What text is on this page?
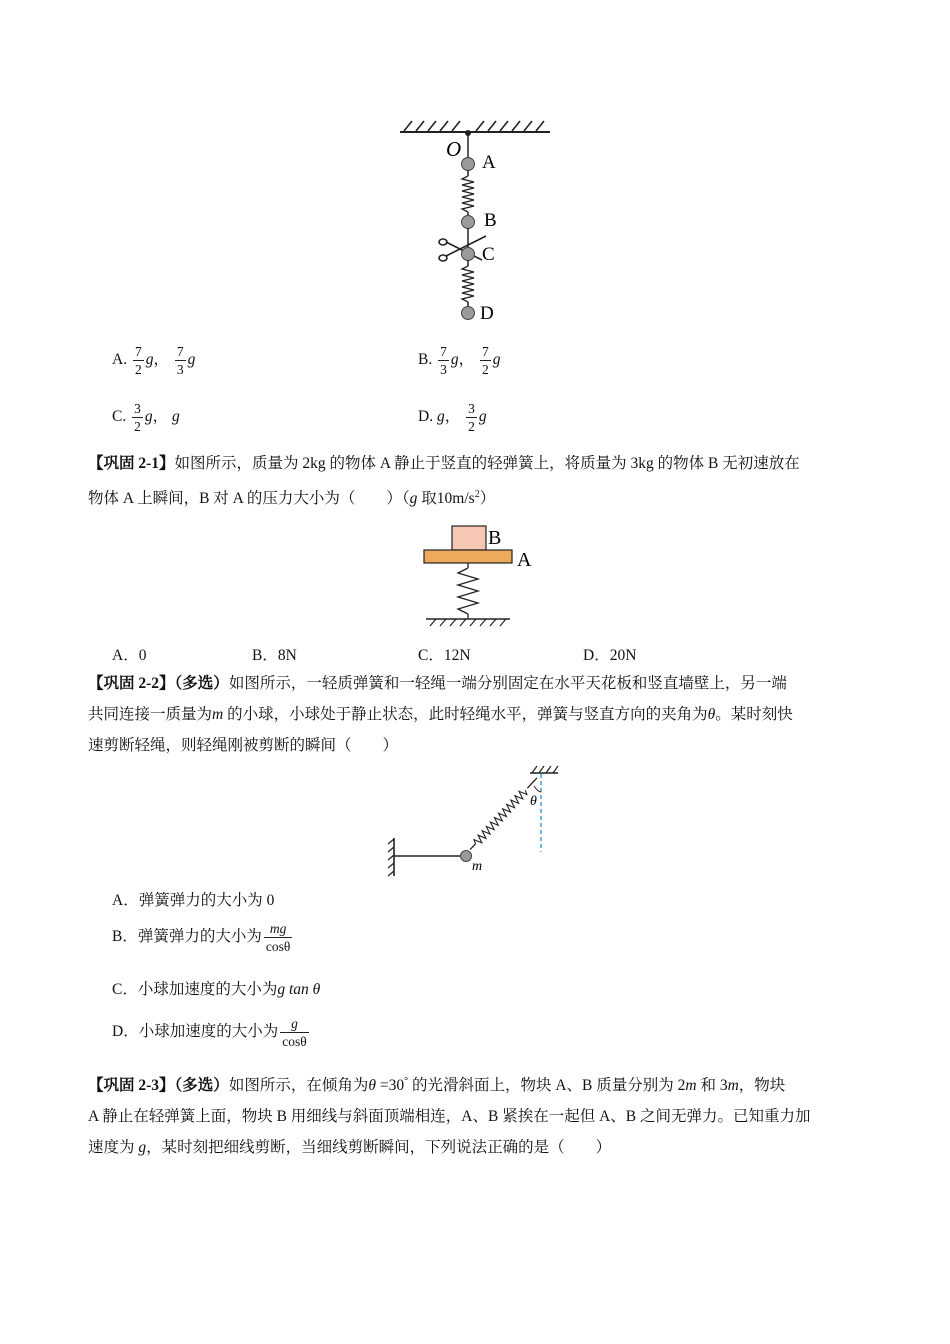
O
A
B
C
D
A. $\frac{7}{2}$ g， $\frac{7}{3}$ g	B. $\frac{7}{3}$ g， $\frac{7}{2}$ g
C. $\frac{3}{2}$ g， g	D. g， $\frac{3}{2}$ g
【巩固 2-1】如图所示，质量为 2kg 的物体 A 静止于竖直的轻弹簧上，将质量为 3kg 的物体 B 无初速放在
物体 A 上瞬间，B 对 A 的压力大小为（　　）（g 取$10m/s^2$）
B
A
A．0	B．8N	C．12N	D．20N
【巩固 2-2】（多选）如图所示，一轻质弹簧和一轻绳一端分别固定在水平天花板和竖直墙壁上，另一端
共同连接一质量为m 的小球，小球处于静止状态，此时轻绳水平，弹簧与竖直方向的夹角为θ。某时刻快
速剪断轻绳，则轻绳刚被剪断的瞬间（　　）
θ
m
A．弹簧弹力的大小为 0
B．弹簧弹力的大小为 $\frac{mg}{\cos\theta}$
C．小球加速度的大小为g tan θ
D．小球加速度的大小为 $\frac{g}{\cos\theta}$
【巩固 2-3】（多选）如图所示，在倾角为θ =30° 的光滑斜面上，物块 A、B 质量分别为 2m 和 3m，物块
A 静止在轻弹簧上面，物块 B 用细线与斜面顶端相连，A、B 紧挨在一起但 A、B 之间无弹力。已知重力加
速度为 g，某时刻把细线剪断，当细线剪断瞬间，下列说法正确的是（　　）
